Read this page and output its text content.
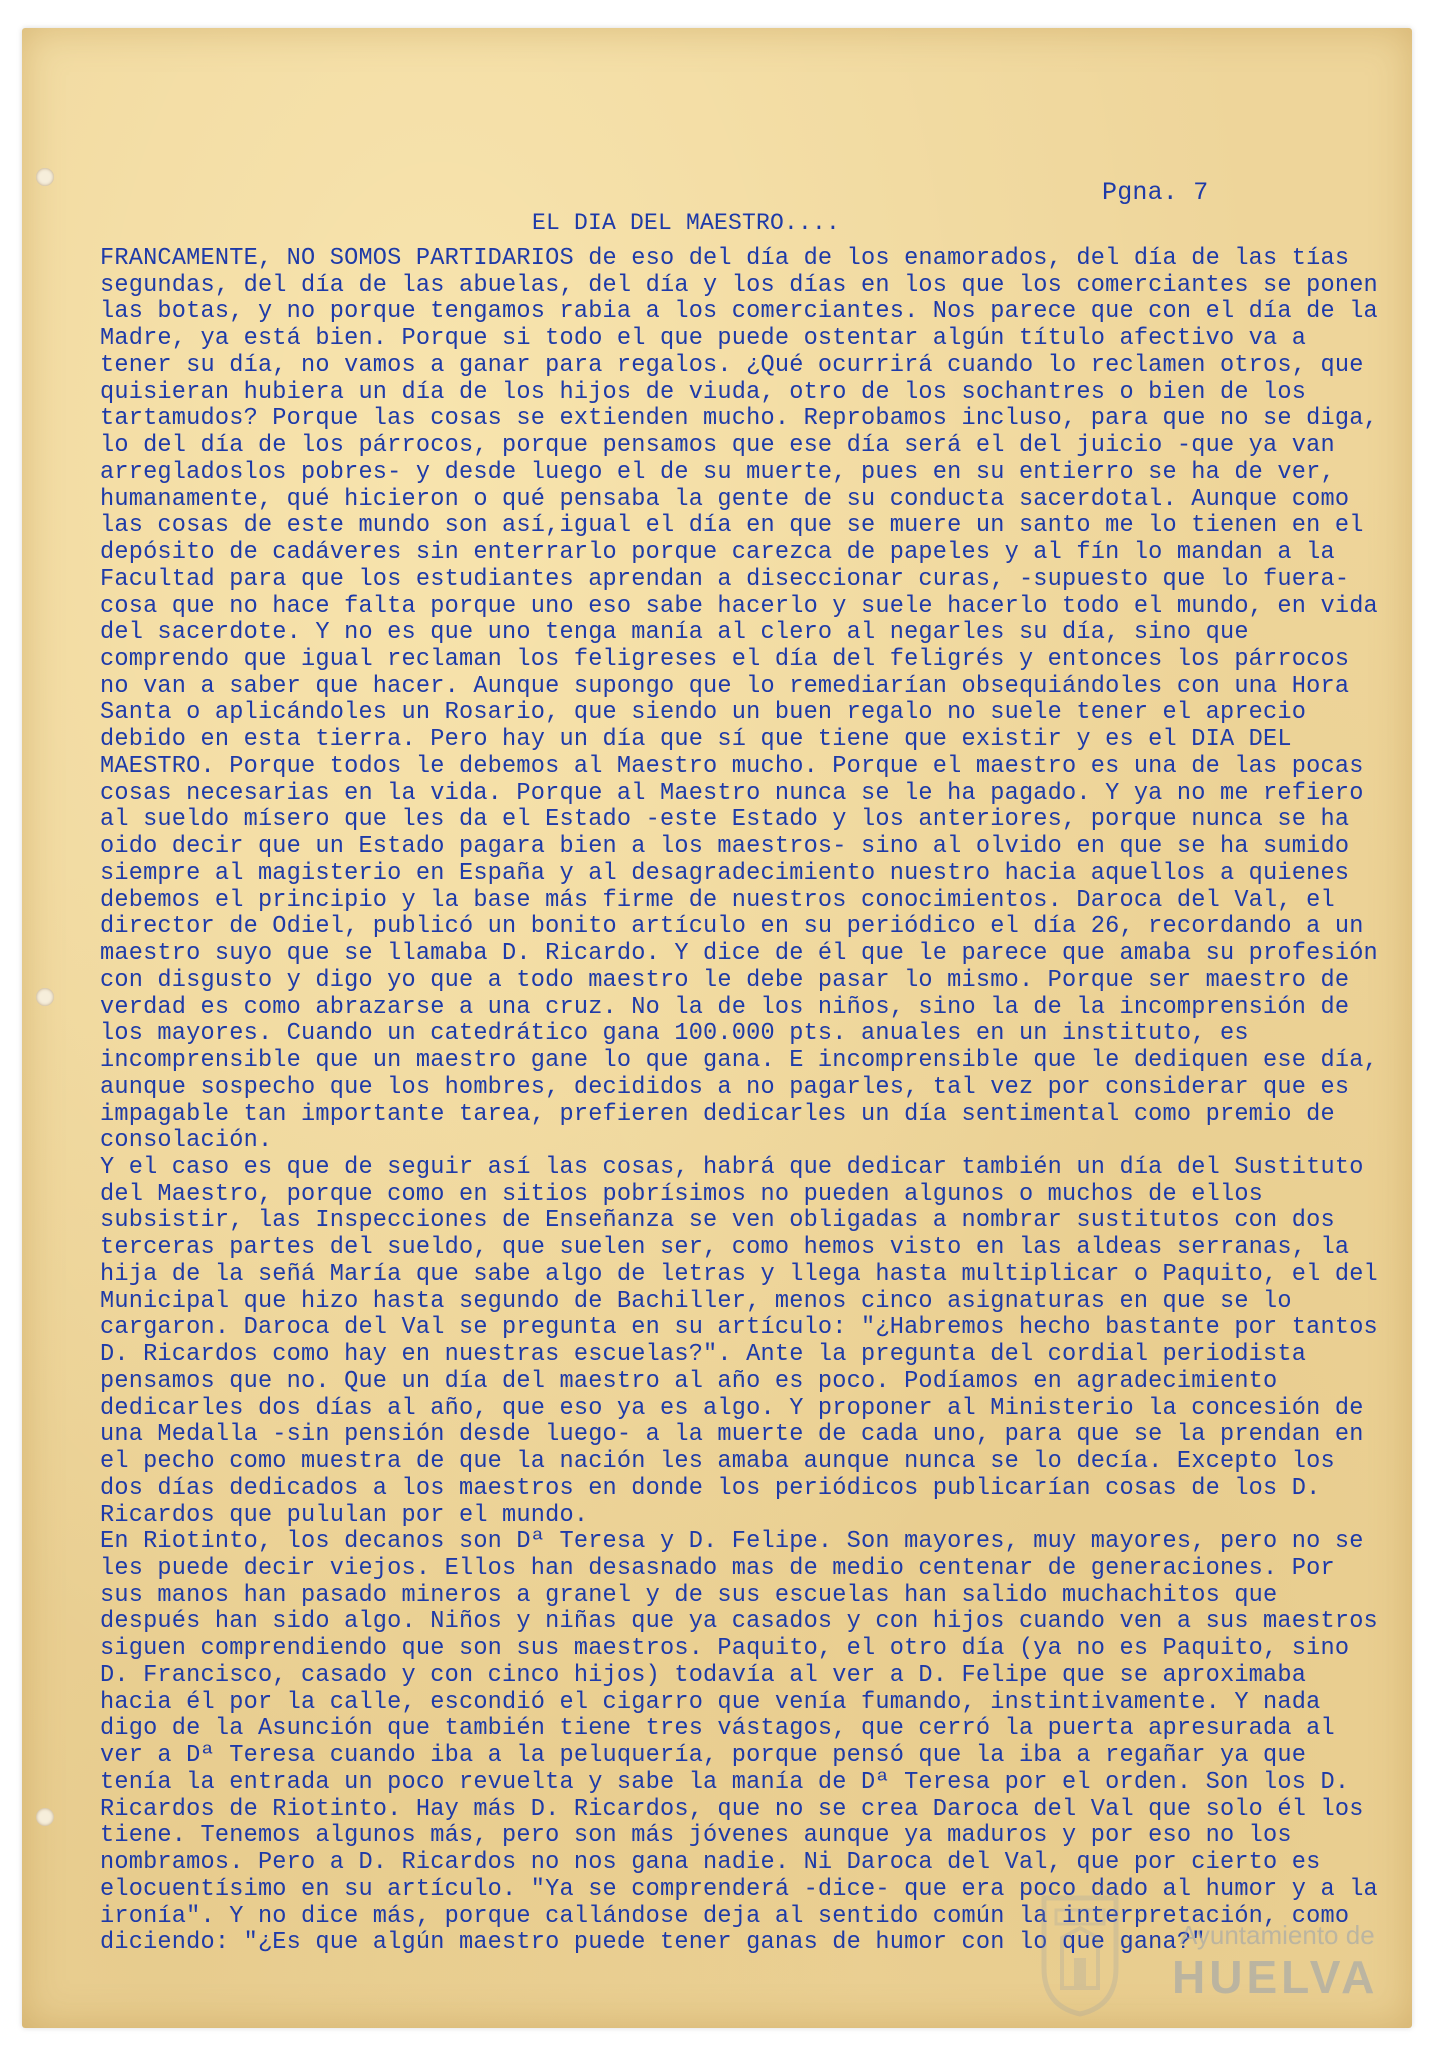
Pgna. 7
EL DIA DEL MAESTRO....

FRANCAMENTE, NO SOMOS PARTIDARIOS de eso del día de los enamorados, del día de las tías segundas, del día de las abuelas, del día y los días en los que los comerciantes se ponen las botas, y no porque tengamos rabia a los comerciantes. Nos parece que con el día de la Madre, ya está bien. Porque si todo el que puede ostentar algún título afectivo va a tener su día, no vamos a ganar para regalos. ¿Qué ocurrirá cuando lo reclamen otros, que quisieran hubiera un día de los hijos de viuda, otro de los sochantres o bien de los tartamudos? Porque las cosas se extienden mucho. Reprobamos incluso, para que no se diga, lo del día de los párrocos, porque pensamos que ese día será el del juicio -que ya van arregladoslos pobres- y desde luego el de su muerte, pues en su entierro se ha de ver, humanamente, qué hicieron o qué pensaba la gente de su conducta sacerdotal. Aunque como las cosas de este mundo son así,igual el día en que se muere un santo me lo tienen en el depósito de cadáveres sin enterrarlo porque carezca de papeles y al fín lo mandan a la Facultad para que los estudiantes aprendan a diseccionar curas, -supuesto que lo fuera- cosa que no hace falta porque uno eso sabe hacerlo y suele hacerlo todo el mundo, en vida del sacerdote. Y no es que uno tenga manía al clero al negarles su día, sino que comprendo que igual reclaman los feligreses el día del feligrés y entonces los párrocos no van a saber que hacer. Aunque supongo que lo remediarían obsequiándoles con una Hora Santa o aplicándoles un Rosario, que siendo un buen regalo no suele tener el aprecio debido en esta tierra. Pero hay un día que sí que tiene que existir y es el DIA DEL MAESTRO. Porque todos le debemos al Maestro mucho. Porque el maestro es una de las pocas cosas necesarias en la vida. Porque al Maestro nunca se le ha pagado. Y ya no me refiero al sueldo mísero que les da el Estado -este Estado y los anteriores, porque nunca se ha oido decir que un Estado pagara bien a los maestros- sino al olvido en que se ha sumido siempre al magisterio en España y al desagradecimiento nuestro hacia aquellos a quienes debemos el principio y la base más firme de nuestros conocimientos. Daroca del Val, el director de Odiel, publicó un bonito artículo en su periódico el día 26, recordando a un maestro suyo que se llamaba D. Ricardo. Y dice de él que le parece que amaba su profesión con disgusto y digo yo que a todo maestro le debe pasar lo mismo. Porque ser maestro de verdad es como abrazarse a una cruz. No la de los niños, sino la de la incomprensión de los mayores. Cuando un catedrático gana 100.000 pts. anuales en un instituto, es incomprensible que un maestro gane lo que gana. E incomprensible que le dediquen ese día, aunque sospecho que los hombres, decididos a no pagarles, tal vez por considerar que es impagable tan importante tarea, prefieren dedicarles un día sentimental como premio de consolación.
Y el caso es que de seguir así las cosas, habrá que dedicar también un día del Sustituto del Maestro, porque como en sitios pobrísimos no pueden algunos o muchos de ellos subsistir, las Inspecciones de Enseñanza se ven obligadas a nombrar sustitutos con dos terceras partes del sueldo, que suelen ser, como hemos visto en las aldeas serranas, la hija de la señá María que sabe algo de letras y llega hasta multiplicar o Paquito, el del Municipal que hizo hasta segundo de Bachiller, menos cinco asignaturas en que se lo cargaron. Daroca del Val se pregunta en su artículo: "¿Habremos hecho bastante por tantos D. Ricardos como hay en nuestras escuelas?". Ante la pregunta del cordial periodista pensamos que no. Que un día del maestro al año es poco. Podíamos en agradecimiento dedicarles dos días al año, que eso ya es algo. Y proponer al Ministerio la concesión de una Medalla -sin pensión desde luego- a la muerte de cada uno, para que se la prendan en el pecho como muestra de que la nación les amaba aunque nunca se lo decía. Excepto los dos días dedicados a los maestros en donde los periódicos publicarían cosas de los D. Ricardos que pululan por el mundo.
En Riotinto, los decanos son Dª Teresa y D. Felipe. Son mayores, muy mayores, pero no se les puede decir viejos. Ellos han desasnado mas de medio centenar de generaciones. Por sus manos han pasado mineros a granel y de sus escuelas han salido muchachitos que después han sido algo. Niños y niñas que ya casados y con hijos cuando ven a sus maestros siguen comprendiendo que son sus maestros. Paquito, el otro día (ya no es Paquito, sino D. Francisco, casado y con cinco hijos) todavía al ver a D. Felipe que se aproximaba hacia él por la calle, escondió el cigarro que venía fumando, instintivamente. Y nada digo de la Asunción que también tiene tres vástagos, que cerró la puerta apresurada al ver a Dª Teresa cuando iba a la peluquería, porque pensó que la iba a regañar ya que tenía la entrada un poco revuelta y sabe la manía de Dª Teresa por el orden. Son los D. Ricardos de Riotinto. Hay más D. Ricardos, que no se crea Daroca del Val que solo él los tiene. Tenemos algunos más, pero son más jóvenes aunque ya maduros y por eso no los nombramos. Pero a D. Ricardos no nos gana nadie. Ni Daroca del Val, que por cierto es elocuentísimo en su artículo. "Ya se comprenderá -dice- que era poco dado al humor y a la ironía". Y no dice más, porque callándose deja al sentido común la interpretación, como diciendo: "¿Es que algún maestro puede tener ganas de humor con lo que gana?"

Ayuntamiento de
HUELVA
